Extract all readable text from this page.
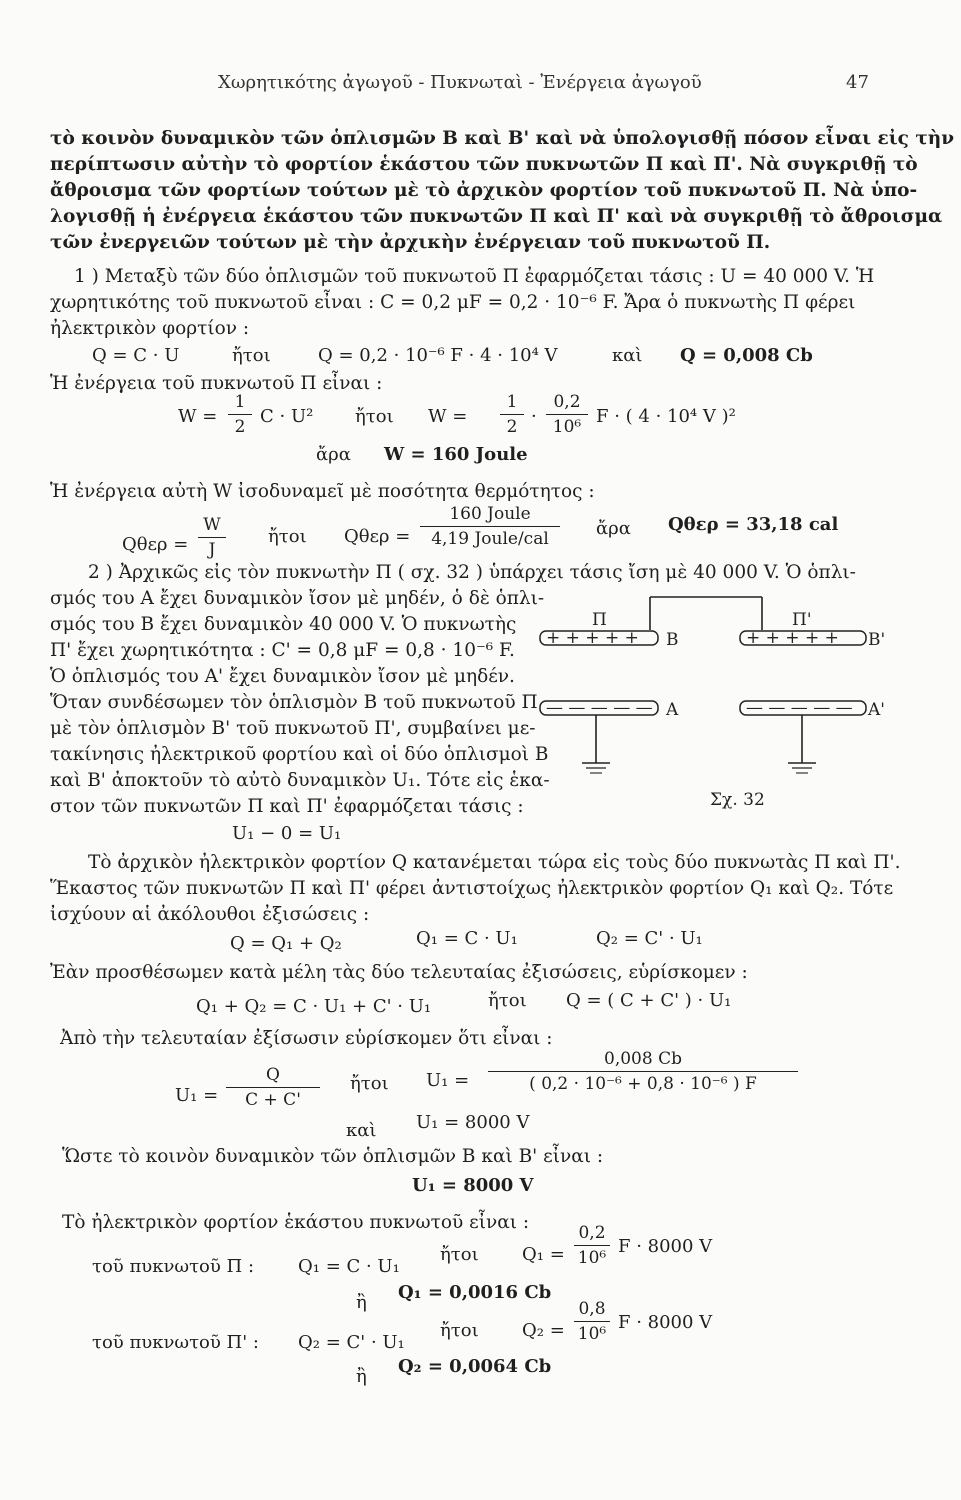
Χωρητικότης ἀγωγοῦ - Πυκνωταὶ - Ἐνέργεια ἀγωγοῦ	47
τὸ κοινὸν δυναμικὸν τῶν ὁπλισμῶν Β καὶ Β' καὶ νὰ ὑπολογισθῇ πόσον εἶναι εἰς τὴν
περίπτωσιν αὐτὴν τὸ φορτίον ἑκάστου τῶν πυκνωτῶν Π καὶ Π'. Νὰ συγκριθῇ τὸ
ἄθροισμα τῶν φορτίων τούτων μὲ τὸ ἀρχικὸν φορτίον τοῦ πυκνωτοῦ Π. Νὰ ὑπο-
λογισθῇ ἡ ἐνέργεια ἑκάστου τῶν πυκνωτῶν Π καὶ Π' καὶ νὰ συγκριθῇ τὸ ἄθροισμα
τῶν ἐνεργειῶν τούτων μὲ τὴν ἀρχικὴν ἐνέργειαν τοῦ πυκνωτοῦ Π.
1 ) Μεταξὺ τῶν δύο ὁπλισμῶν τοῦ πυκνωτοῦ Π ἐφαρμόζεται τάσις : U = 40 000 V. Ἡ
χωρητικότης τοῦ πυκνωτοῦ εἶναι : C = 0,2 μF = 0,2 · 10⁻⁶ F. Ἄρα ὁ πυκνωτὴς Π φέρει
ἠλεκτρικὸν φορτίον :
Q = C · U	ἤτοι	Q = 0,2 · 10⁻⁶ F · 4 · 10⁴ V	καὶ Q = 0,008 Cb
Ἡ ἐνέργεια τοῦ πυκνωτοῦ Π εἶναι :
W =
1
2 C · U² ἤτοι W =
1
2 ·
0,2
10⁶ F · ( 4 · 10⁴ V )²
ἄρα W = 160 Joule
Ἡ ἐνέργεια αὐτὴ W ἰσοδυναμεῖ μὲ ποσότητα θερμότητος :
Qθερ =
W
J
ἤτοι Qθερ =
160 Joule
4,19 Joule/cal	ἄρα Qθερ = 33,18 cal
2 ) Ἀρχικῶς εἰς τὸν πυκνωτὴν Π ( σχ. 32 ) ὑπάρχει τάσις ἴση μὲ 40 000 V. Ὁ ὁπλι-
σμός του Α ἔχει δυναμικὸν ἴσον μὲ μηδέν, ὁ δὲ ὁπλι-
σμός του Β ἔχει δυναμικὸν 40 000 V. Ὁ πυκνωτὴς
Π' ἔχει χωρητικότητα : C' = 0,8 μF = 0,8 · 10⁻⁶ F.
Ὁ ὁπλισμός του Α' ἔχει δυναμικὸν ἴσον μὲ μηδέν.
Ὅταν συνδέσωμεν τὸν ὁπλισμὸν Β τοῦ πυκνωτοῦ Π
μὲ τὸν ὁπλισμὸν Β' τοῦ πυκνωτοῦ Π', συμβαίνει με-
τακίνησις ἠλεκτρικοῦ φορτίου καὶ οἱ δύο ὁπλισμοὶ Β
καὶ Β' ἀποκτοῦν τὸ αὐτὸ δυναμικὸν U₁. Τότε εἰς ἑκα-
στον τῶν πυκνωτῶν Π καὶ Π' ἐφαρμόζεται τάσις :
+ + + + + Β
Π
— — — — — Α
+ + + + + Β'
Π'
— — — — — Α'
Σχ. 32
U₁ − 0 = U₁
Τὸ ἀρχικὸν ἠλεκτρικὸν φορτίον Q κατανέμεται τώρα εἰς τοὺς δύο πυκνωτὰς Π καὶ Π'.
Ἕκαστος τῶν πυκνωτῶν Π καὶ Π' φέρει ἀντιστοίχως ἠλεκτρικὸν φορτίον Q₁ καὶ Q₂. Τότε
ἰσχύουν αἱ ἀκόλουθοι ἐξισώσεις :
Q = Q₁ + Q₂	Q₁ = C · U₁	Q₂ = C' · U₁
Ἐὰν προσθέσωμεν κατὰ μέλη τὰς δύο τελευταίας ἐξισώσεις, εὑρίσκομεν :
Q₁ + Q₂ = C · U₁ + C' · U₁	ἤτοι Q = ( C + C' ) · U₁
Ἀπὸ τὴν τελευταίαν ἐξίσωσιν εὑρίσκομεν ὅτι εἶναι :
U₁ =
Q
C + C'
ἤτοι U₁ =
0,008 Cb
( 0,2 · 10⁻⁶ + 0,8 · 10⁻⁶ ) F
καὶ U₁ = 8000 V
Ὥστε τὸ κοινὸν δυναμικὸν τῶν ὁπλισμῶν Β καὶ Β' εἶναι :
U₁ = 8000 V
Τὸ ἠλεκτρικὸν φορτίον ἑκάστου πυκνωτοῦ εἶναι :
τοῦ πυκνωτοῦ Π : Q₁ = C · U₁
ἤτοι Q₁ =
0,2
10⁶
F · 8000 V
ἢ Q₁ = 0,0016 Cb
τοῦ πυκνωτοῦ Π' : Q₂ = C' · U₁
ἤτοι Q₂ =
0,8
10⁶
F · 8000 V
ἢ Q₂ = 0,0064 Cb
